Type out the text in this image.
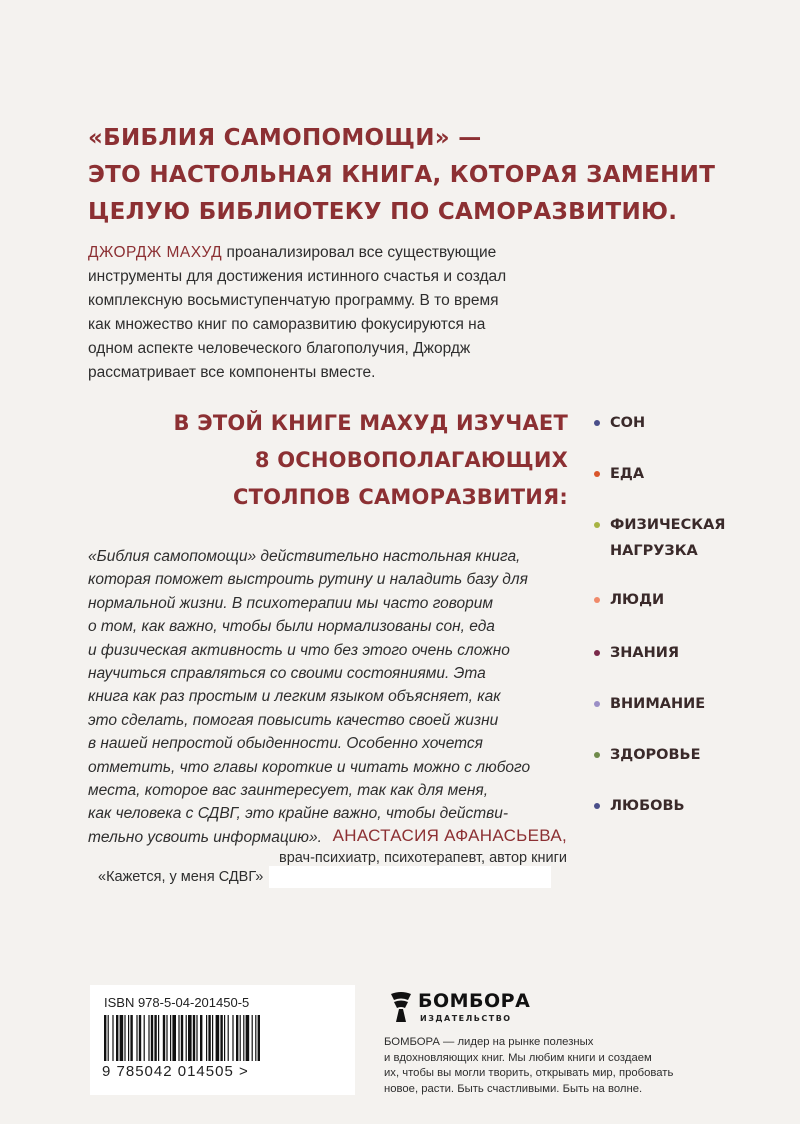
«БИБЛИЯ САМОПОМОЩИ» —
ЭТО НАСТОЛЬНАЯ КНИГА, КОТОРАЯ ЗАМЕНИТ
ЦЕЛУЮ БИБЛИОТЕКУ ПО САМОРАЗВИТИЮ.
ДЖОРДЖ МАХУД проанализировал все существующие
инструменты для достижения истинного счастья и создал
комплексную восьмиступенчатую программу. В то время
как множество книг по саморазвитию фокусируются на
одном аспекте человеческого благополучия, Джордж
рассматривает все компоненты вместе.
В ЭТОЙ КНИГЕ МАХУД ИЗУЧАЕТ
8 ОСНОВОПОЛАГАЮЩИХ
СТОЛПОВ САМОРАЗВИТИЯ:
СОН
ЕДА
ФИЗИЧЕСКАЯ
НАГРУЗКА
ЛЮДИ
ЗНАНИЯ
ВНИМАНИЕ
ЗДОРОВЬЕ
ЛЮБОВЬ
«Библия самопомощи» действительно настольная книга,
которая поможет выстроить рутину и наладить базу для
нормальной жизни. В психотерапии мы часто говорим
о том, как важно, чтобы были нормализованы сон, еда
и физическая активность и что без этого очень сложно
научиться справляться со своими состояниями. Эта
книга как раз простым и легким языком объясняет, как
это сделать, помогая повысить качество своей жизни
в нашей непростой обыденности. Особенно хочется
отметить, что главы короткие и читать можно с любого
места, которое вас заинтересует, так как для меня,
как человека с СДВГ, это крайне важно, чтобы действи-
тельно усвоить информацию». АНАСТАСИЯ АФАНАСЬЕВА,
врач-психиатр, психотерапевт, автор книги
«Кажется, у меня СДВГ»
ISBN 978-5-04-201450-5
9 785042 014505 >
БОМБОРА
ИЗДАТЕЛЬСТВО
БОМБОРА — лидер на рынке полезных
и вдохновляющих книг. Мы любим книги и создаем
их, чтобы вы могли творить, открывать мир, пробовать
новое, расти. Быть счастливыми. Быть на волне.
